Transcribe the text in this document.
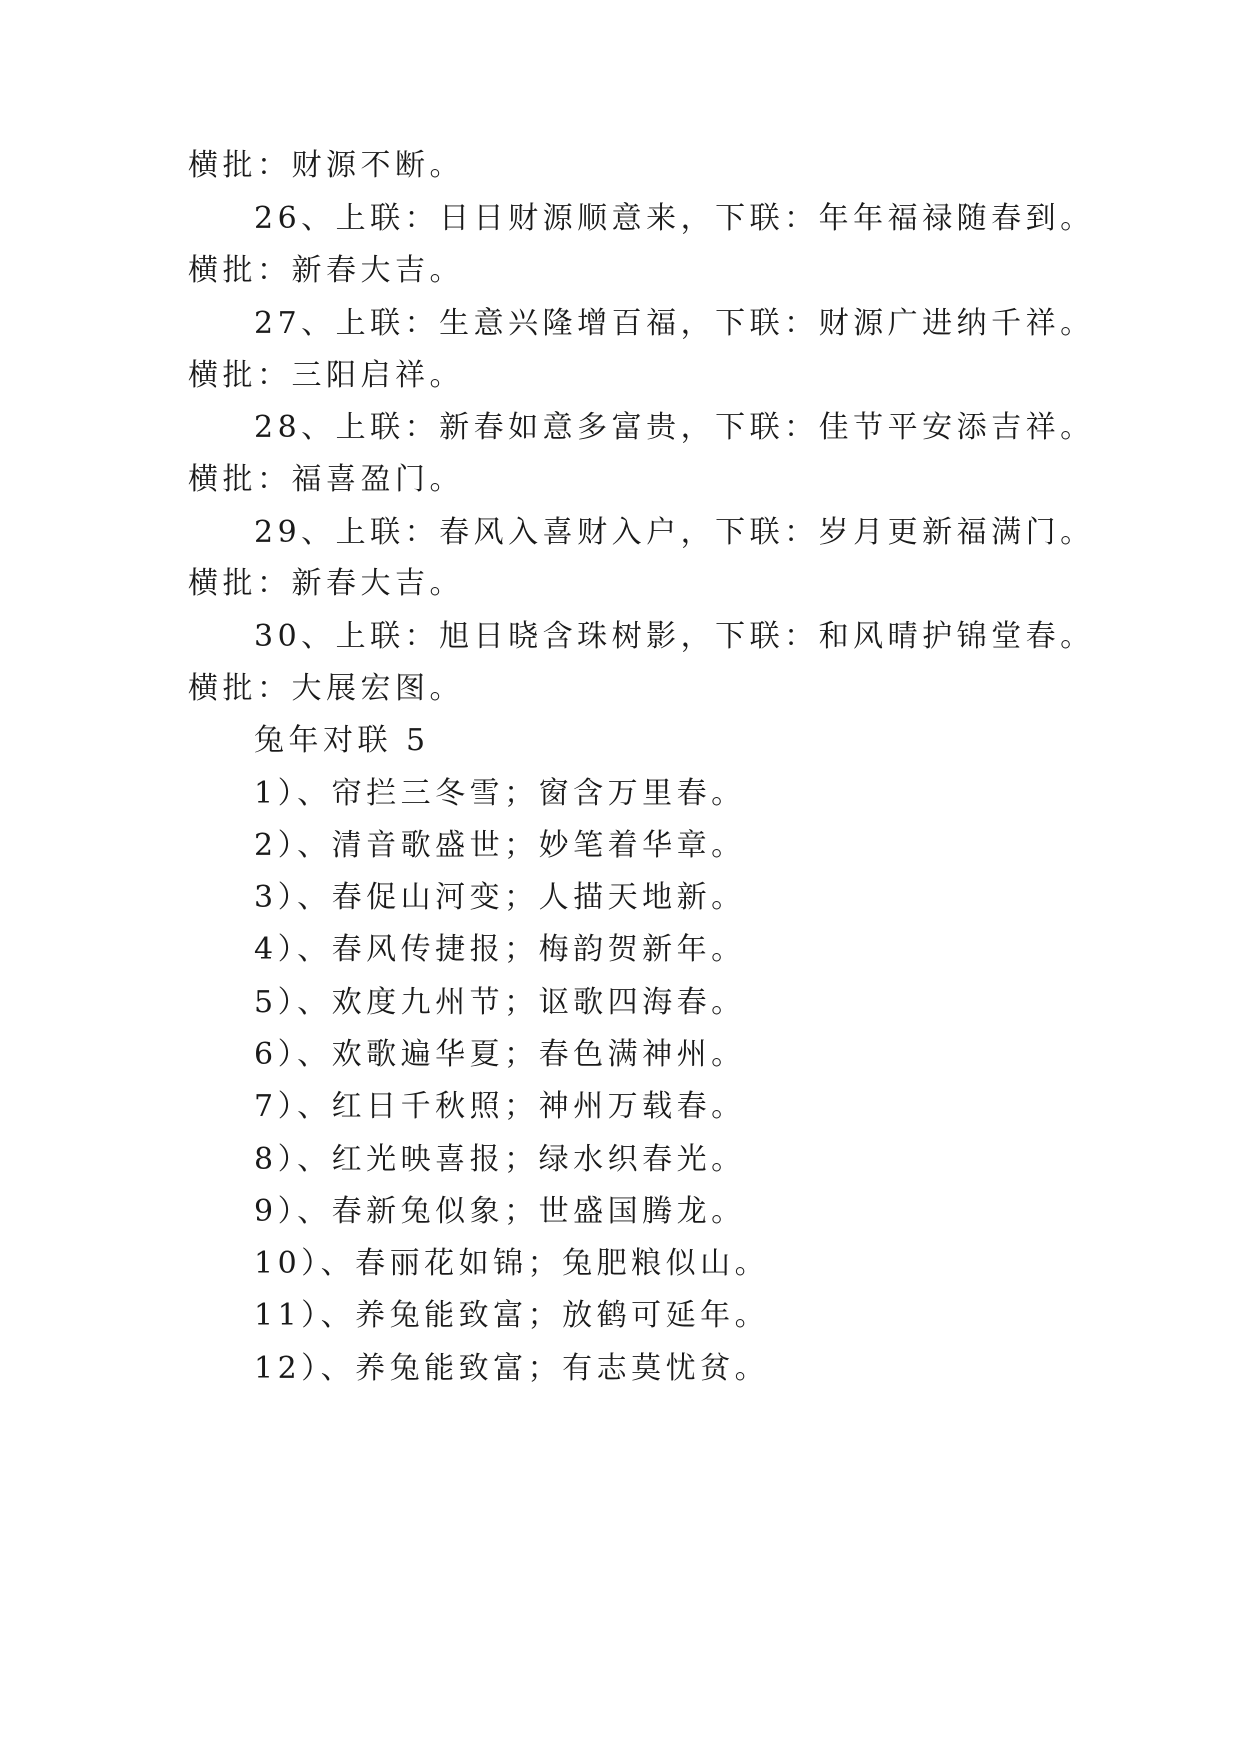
横批：财源不断。
26、上联：日日财源顺意来，下联：年年福禄随春到。
横批：新春大吉。
27、上联：生意兴隆增百福，下联：财源广进纳千祥。
横批：三阳启祥。
28、上联：新春如意多富贵，下联：佳节平安添吉祥。
横批：福喜盈门。
29、上联：春风入喜财入户，下联：岁月更新福满门。
横批：新春大吉。
30、上联：旭日晓含珠树影，下联：和风晴护锦堂春。
横批：大展宏图。
兔年对联 5
1）、帘拦三冬雪；窗含万里春。
2）、清音歌盛世；妙笔着华章。
3）、春促山河变；人描天地新。
4）、春风传捷报；梅韵贺新年。
5）、欢度九州节；讴歌四海春。
6）、欢歌遍华夏；春色满神州。
7）、红日千秋照；神州万载春。
8）、红光映喜报；绿水织春光。
9）、春新兔似象；世盛国腾龙。
10）、春丽花如锦；兔肥粮似山。
11）、养兔能致富；放鹤可延年。
12）、养兔能致富；有志莫忧贫。
